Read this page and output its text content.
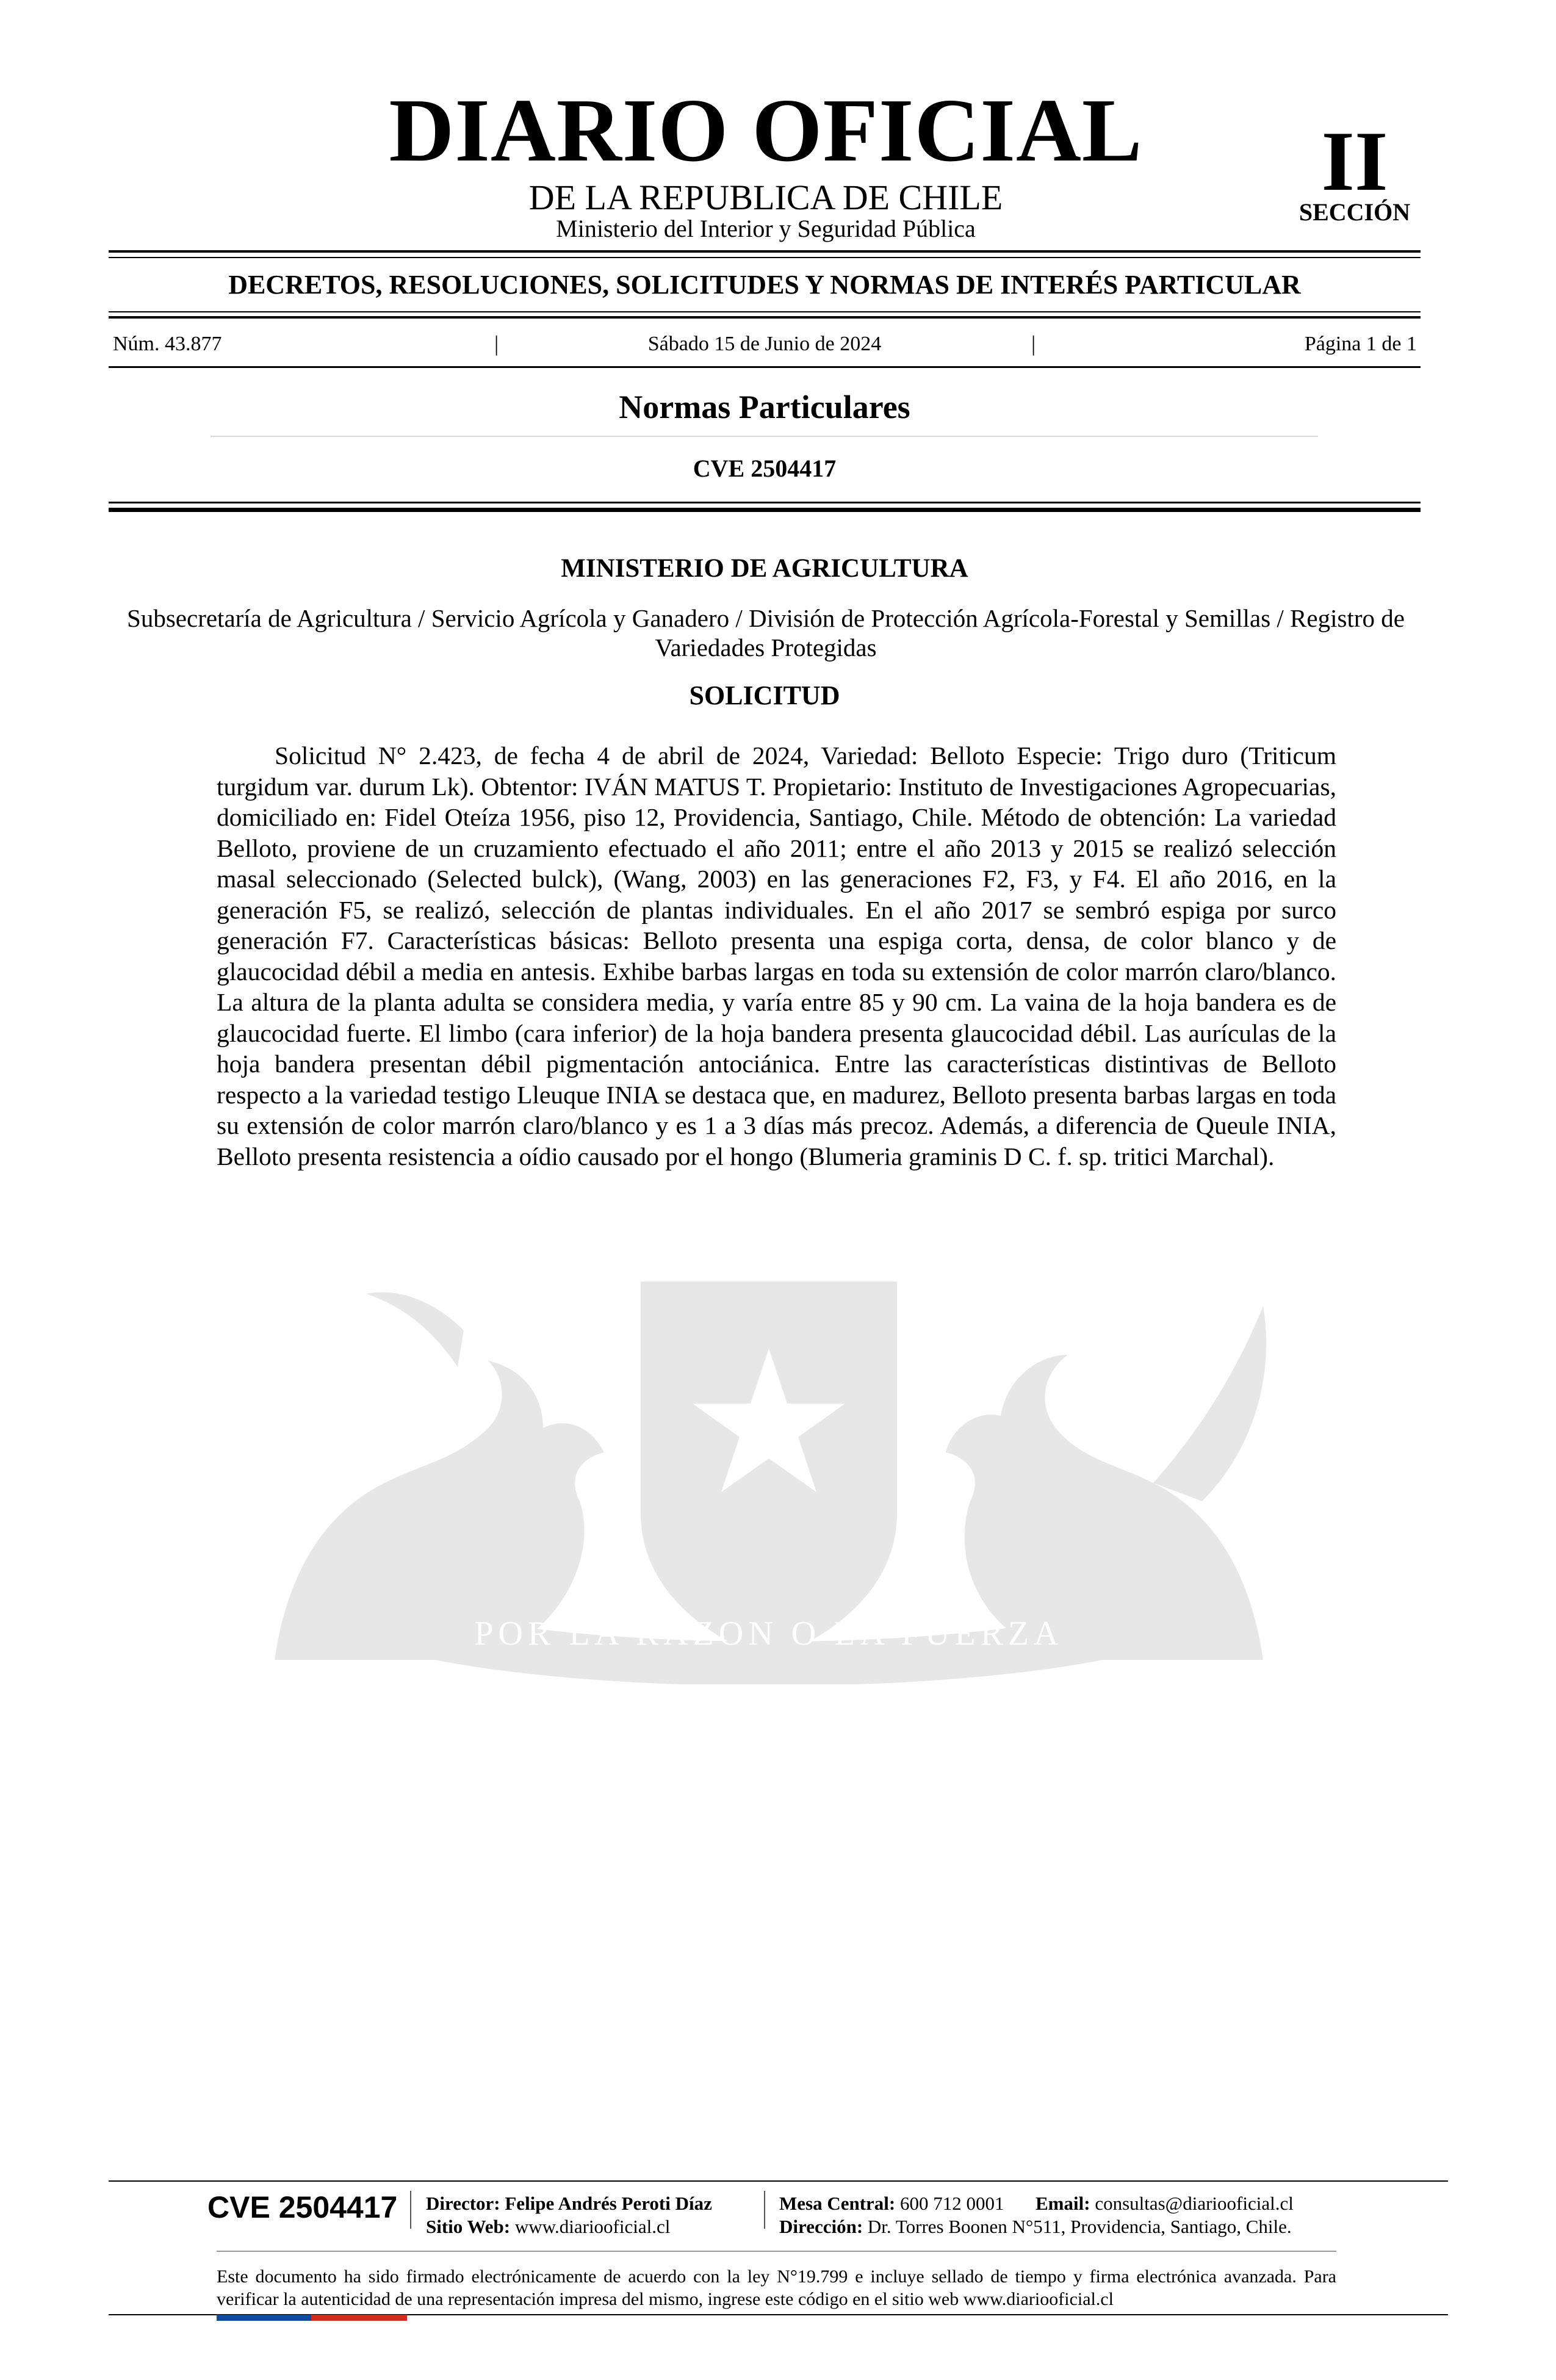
DIARIO OFICIAL
DE LA REPUBLICA DE CHILE
Ministerio del Interior y Seguridad Pública
II
SECCIÓN
DECRETOS, RESOLUCIONES, SOLICITUDES Y NORMAS DE INTERÉS PARTICULAR
Núm. 43.877	|	Sábado 15 de Junio de 2024	|	Página 1 de 1
Normas Particulares
CVE 2504417
POR LA RAZON O LA FUERZA
MINISTERIO DE AGRICULTURA
Subsecretaría de Agricultura / Servicio Agrícola y Ganadero / División de Protección Agrícola-Forestal y Semillas / Registro de Variedades Protegidas
SOLICITUD
Solicitud N° 2.423, de fecha 4 de abril de 2024, Variedad: Belloto Especie: Trigo duro (Triticum turgidum var. durum Lk). Obtentor: IVÁN MATUS T. Propietario: Instituto de Investigaciones Agropecuarias, domiciliado en: Fidel Oteíza 1956, piso 12, Providencia, Santiago, Chile. Método de obtención: La variedad Belloto, proviene de un cruzamiento efectuado el año 2011; entre el año 2013 y 2015 se realizó selección masal seleccionado (Selected bulck), (Wang, 2003) en las generaciones F2, F3, y F4. El año 2016, en la generación F5, se realizó, selección de plantas individuales. En el año 2017 se sembró espiga por surco generación F7. Características básicas: Belloto presenta una espiga corta, densa, de color blanco y de glaucocidad débil a media en antesis. Exhibe barbas largas en toda su extensión de color marrón claro/blanco. La altura de la planta adulta se considera media, y varía entre 85 y 90 cm. La vaina de la hoja bandera es de glaucocidad fuerte. El limbo (cara inferior) de la hoja bandera presenta glaucocidad débil. Las aurículas de la hoja bandera presentan débil pigmentación antociánica. Entre las características distintivas de Belloto respecto a la variedad testigo Lleuque INIA se destaca que, en madurez, Belloto presenta barbas largas en toda su extensión de color marrón claro/blanco y es 1 a 3 días más precoz. Además, a diferencia de Queule INIA, Belloto presenta resistencia a oídio causado por el hongo (Blumeria graminis D C. f. sp. tritici Marchal).
CVE 2504417 Director: Felipe Andrés Peroti Díaz
Sitio Web: www.diariooficial.cl
Mesa Central: 600 712 0001 Email: consultas@diariooficial.cl
Dirección: Dr. Torres Boonen N°511, Providencia, Santiago, Chile.
Este documento ha sido firmado electrónicamente de acuerdo con la ley N°19.799 e incluye sellado de tiempo y firma electrónica avanzada. Para verificar la autenticidad de una representación impresa del mismo, ingrese este código en el sitio web www.diariooficial.cl
